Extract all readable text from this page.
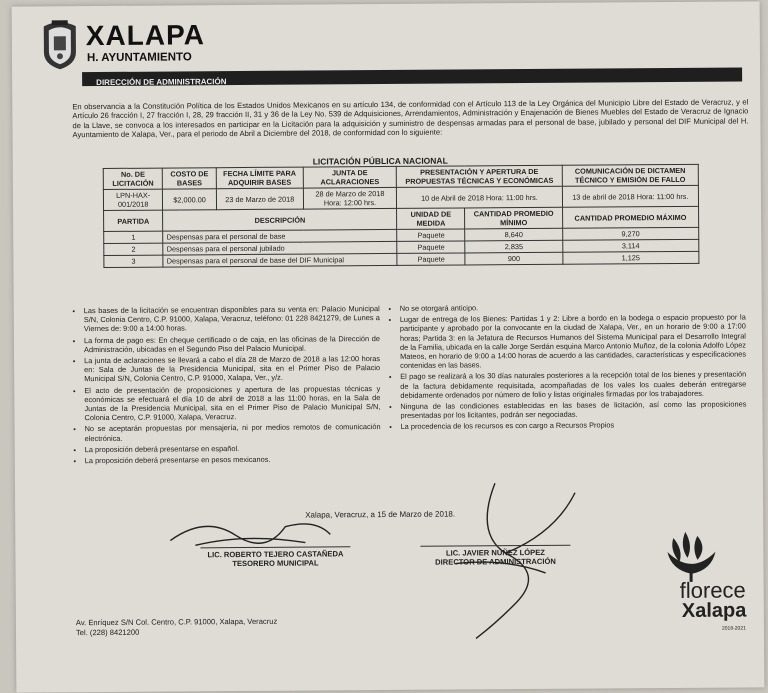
XALAPA
H. AYUNTAMIENTO
DIRECCIÓN DE ADMINISTRACIÓN
En observancia a la Constitución Política de los Estados Unidos Mexicanos en su artículo 134, de conformidad con el Artículo 113 de la Ley Orgánica del Municipio Libre del Estado de Veracruz, y el Artículo 26 fracción I, 27 fracción I, 28, 29 fracción II, 31 y 36 de la Ley No. 539 de Adquisiciones, Arrendamientos, Administración y Enajenación de Bienes Muebles del Estado de Veracruz de Ignacio de la Llave, se convoca a los interesados en participar en la Licitación para la adquisición y suministro de despensas armadas para el personal de base, jubilado y personal del DIF Municipal del H. Ayuntamiento de Xalapa, Ver., para el periodo de Abril a Diciembre del 2018, de conformidad con lo siguiente:
LICITACIÓN PÚBLICA NACIONAL
No. DE LICITACIÓN	COSTO DE BASES	FECHA LÍMITE PARA ADQUIRIR BASES	JUNTA DE ACLARACIONES	PRESENTACIÓN Y APERTURA DE PROPUESTAS TÉCNICAS Y ECONÓMICAS		COMUNICACIÓN DE DICTAMEN TÉCNICO Y EMISIÓN DE FALLO
LPN-HAX-001/2018	$2,000.00	23 de Marzo de 2018	28 de Marzo de 2018 Hora: 12:00 hrs.	10 de Abril de 2018 Hora: 11:00 hrs.		13 de abril de 2018 Hora: 11:00 hrs.
PARTIDA	DESCRIPCIÓN			UNIDAD DE MEDIDA	CANTIDAD PROMEDIO MÍNIMO	CANTIDAD PROMEDIO MÁXIMO
1	Despensas para el personal de base			Paquete	8,640	9,270
2	Despensas para el personal jubilado			Paquete	2,835	3,114
3	Despensas para el personal de base del DIF Municipal			Paquete	900	1,125
• Las bases de la licitación se encuentran disponibles para su venta en: Palacio Municipal S/N, Colonia Centro, C.P. 91000, Xalapa, Veracruz, teléfono: 01 228 8421279, de Lunes a Viernes de: 9:00 a 14:00 horas.
• La forma de pago es: En cheque certificado o de caja, en las oficinas de la Dirección de Administración, ubicadas en el Segundo Piso del Palacio Municipal.
• La junta de aclaraciones se llevará a cabo el día 28 de Marzo de 2018 a las 12:00 horas en: Sala de Juntas de la Presidencia Municipal, sita en el Primer Piso de Palacio Municipal S/N, Colonia Centro, C.P. 91000, Xalapa, Ver., y/z.
• El acto de presentación de proposiciones y apertura de las propuestas técnicas y económicas se efectuará el día 10 de abril de 2018 a las 11:00 horas, en la Sala de Juntas de la Presidencia Municipal, sita en el Primer Piso de Palacio Municipal S/N, Colonia Centro, C.P. 91000, Xalapa, Veracruz.
• No se aceptarán propuestas por mensajería, ni por medios remotos de comunicación electrónica.
• La proposición deberá presentarse en español.
• La proposición deberá presentarse en pesos mexicanos.
• No se otorgará anticipo.
• Lugar de entrega de los Bienes: Partidas 1 y 2: Libre a bordo en la bodega o espacio propuesto por la participante y aprobado por la convocante en la ciudad de Xalapa, Ver., en un horario de 9:00 a 17:00 horas; Partida 3: en la Jefatura de Recursos Humanos del Sistema Municipal para el Desarrollo Integral de la Familia, ubicada en la calle Jorge Serdán esquina Marco Antonio Muñoz, de la colonia Adolfo López Mateos, en horario de 9:00 a 14:00 horas de acuerdo a las cantidades, características y especificaciones contenidas en las bases.
• El pago se realizará a los 30 días naturales posteriores a la recepción total de los bienes y presentación de la factura debidamente requisitada, acompañadas de los vales los cuales deberán entregarse debidamente ordenados por número de folio y listas originales firmadas por los trabajadores.
• Ninguna de las condiciones establecidas en las bases de licitación, así como las proposiciones presentadas por los licitantes, podrán ser negociadas.
• La procedencia de los recursos es con cargo a Recursos Propios
Xalapa, Veracruz, a 15 de Marzo de 2018.
LIC. ROBERTO TEJERO CASTAÑEDA
TESORERO MUNICIPAL
LIC. JAVIER NÚÑEZ LÓPEZ
DIRECTOR DE ADMINISTRACIÓN
Av. Enríquez S/N Col. Centro, C.P. 91000, Xalapa, Veracruz
Tel. (228) 8421200
florece
Xalapa
2018-2021
